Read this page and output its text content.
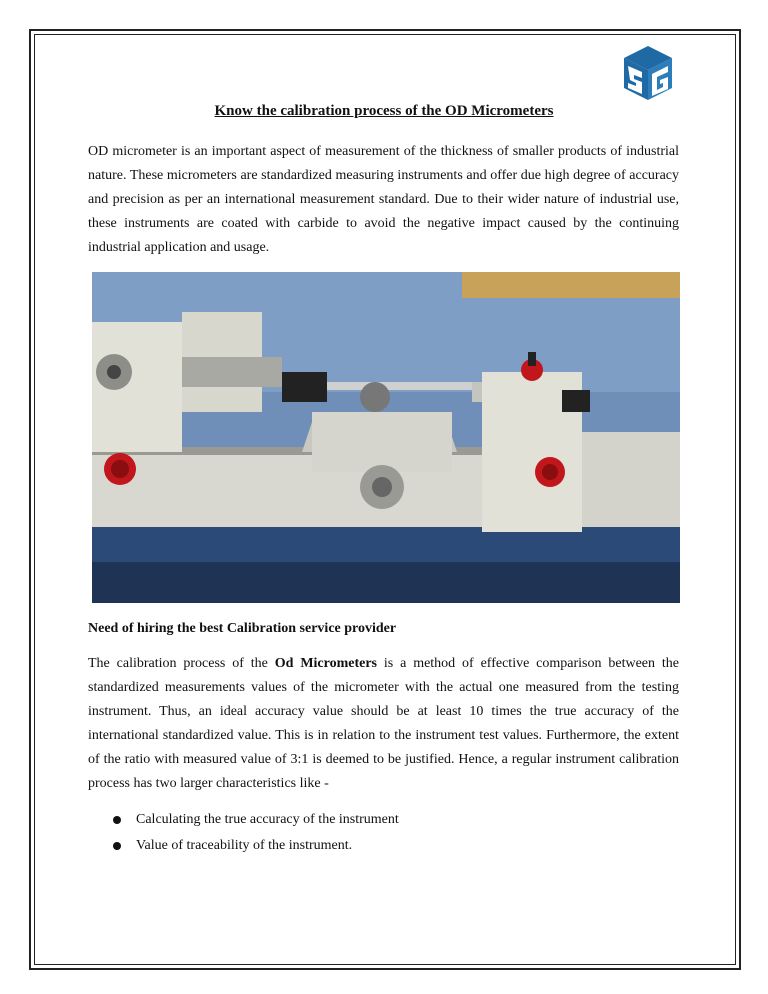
Know the calibration process of the OD Micrometers

OD micrometer is an important aspect of measurement of the thickness of smaller products of industrial nature. These micrometers are standardized measuring instruments and offer due high degree of accuracy and precision as per an international measurement standard. Due to their wider nature of industrial use, these instruments are coated with carbide to avoid the negative impact caused by the continuing industrial application and usage.

Need of hiring the best Calibration service provider

The calibration process of the Od Micrometers is a method of effective comparison between the standardized measurements values of the micrometer with the actual one measured from the testing instrument. Thus, an ideal accuracy value should be at least 10 times the true accuracy of the international standardized value. This is in relation to the instrument test values. Furthermore, the extent of the ratio with measured value of 3:1 is deemed to be justified. Hence, a regular instrument calibration process has two larger characteristics like -

Calculating the true accuracy of the instrument
Value of traceability of the instrument.
